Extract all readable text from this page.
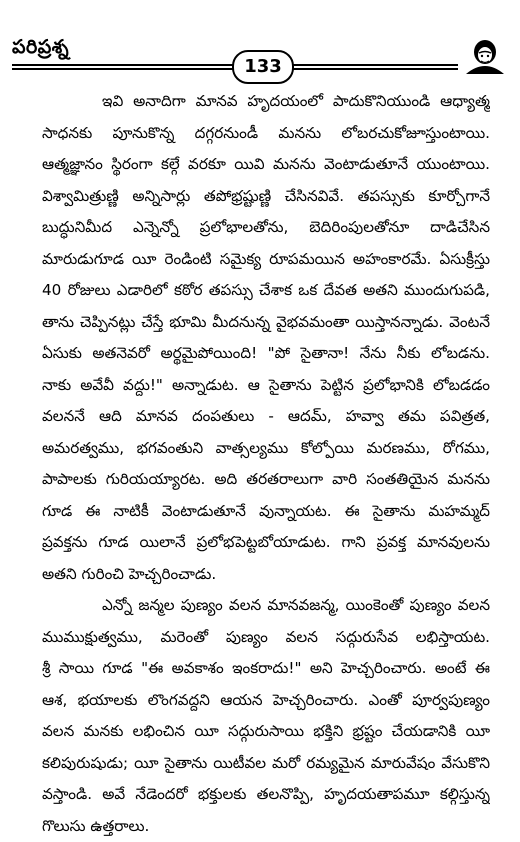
పరిప్రశ్న
133
ఇవి అనాదిగా మానవ హృదయంలో పాదుకొనియుండి ఆధ్యాత్మ
సాధనకు పూనుకొన్న దగ్గరనుండీ మనను లోబరచుకోజూస్తుంటాయి.
ఆత్మజ్ఞానం స్థిరంగా కల్గే వరకూ యివి మనను వెంటాడుతూనే యుంటాయి.
విశ్వామిత్రుణ్ణి అన్నిసార్లు తపోభ్రష్టుణ్ణి చేసినవివే. తపస్సుకు కూర్చోగానే
బుద్ధునిమీద ఎన్నెన్నో ప్రలోభాలతోను, బెదిరింపులతోనూ దాడిచేసిన
మారుడుగూడ యీ రెండింటి సమైక్య రూపమయిన అహంకారమే. ఏసుక్రీస్తు
40 రోజులు ఎడారిలో కఠోర తపస్సు చేశాక ఒక దేవత అతని ముందుగుపడి,
తాను చెప్పినట్లు చేస్తే భూమి మీదనున్న వైభవమంతా యిస్తానన్నాడు. వెంటనే
ఏసుకు అతనెవరో అర్థమైపోయింది! "పో సైతానా! నేను నీకు లోబడను.
నాకు అవేవీ వద్దు!" అన్నాడుట. ఆ సైతాను పెట్టిన ప్రలోభానికి లోబడడం
వలననే ఆది మానవ దంపతులు - ఆదమ్, హవ్వా తమ పవిత్రత,
అమరత్వము, భగవంతుని వాత్సల్యము కోల్పోయి మరణము, రోగము,
పాపాలకు గురియయ్యారట. అది తరతరాలుగా వారి సంతతియైన మనను
గూడ ఈ నాటికీ వెంటాడుతూనే వున్నాయట. ఈ సైతాను మహమ్మద్
ప్రవక్తను గూడ యిలానే ప్రలోభపెట్టబోయాడుట. గాని ప్రవక్త మానవులను
అతని గురించి హెచ్చరించాడు.
ఎన్నో జన్మల పుణ్యం వలన మానవజన్మ, యింకెంతో పుణ్యం వలన
ముముక్షుత్వము, మరెంతో పుణ్యం వలన సద్గురుసేవ లభిస్తాయట.
శ్రీ సాయి గూడ "ఈ అవకాశం ఇంకరాదు!" అని హెచ్చరించారు. అంటే ఈ
ఆశ, భయాలకు లొంగవద్దని ఆయన హెచ్చరించారు. ఎంతో పూర్వపుణ్యం
వలన మనకు లభించిన యీ సద్గురుసాయి భక్తిని భ్రష్టం చేయడానికి యీ
కలిపురుషుడు; యీ సైతాను యిటీవల మరో రమ్యమైన మారువేషం వేసుకొని
వస్తాండి. అవే నేడెందరో భక్తులకు తలనొప్పి, హృదయతాపమూ కల్గిస్తున్న
గొలుసు ఉత్తరాలు.
